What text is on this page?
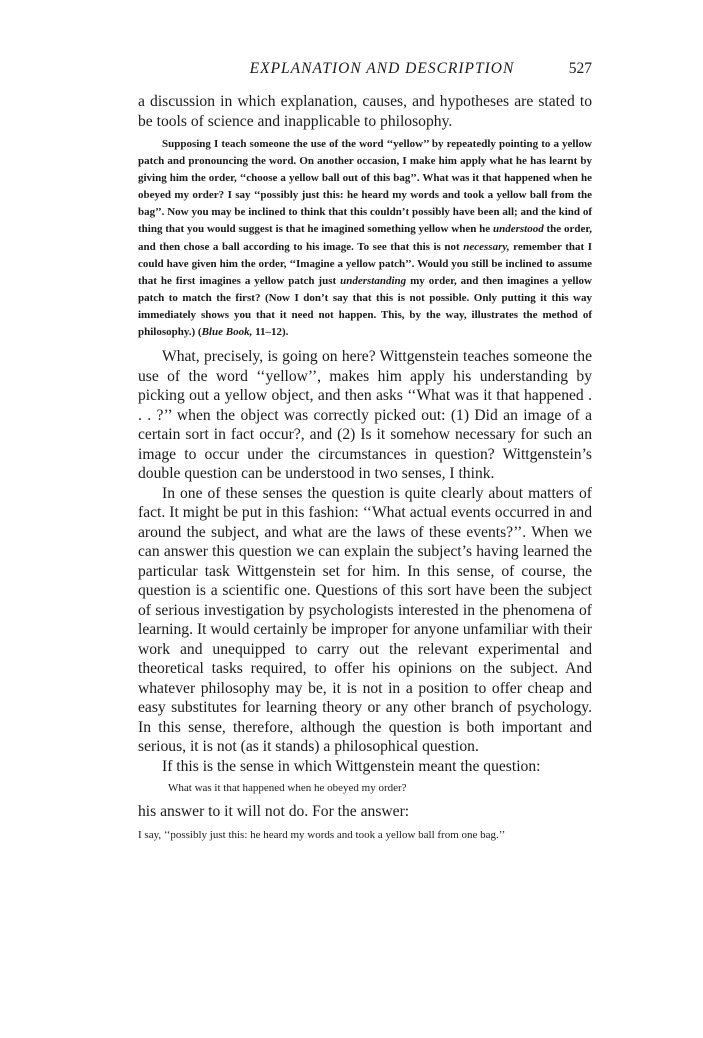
EXPLANATION AND DESCRIPTION	527

a discussion in which explanation, causes, and hypotheses are stated to be tools of science and inapplicable to philosophy.

Supposing I teach someone the use of the word ‘‘yellow’’ by repeatedly pointing to a yellow patch and pronouncing the word. On another occasion, I make him apply what he has learnt by giving him the order, ‘‘choose a yellow ball out of this bag’’. What was it that happened when he obeyed my order? I say ‘‘possibly just this: he heard my words and took a yellow ball from the bag’’. Now you may be inclined to think that this couldn’t possibly have been all; and the kind of thing that you would suggest is that he imagined something yellow when he understood the order, and then chose a ball according to his image. To see that this is not necessary, remember that I could have given him the order, ‘‘Imagine a yellow patch’’. Would you still be inclined to assume that he first imagines a yellow patch just understanding my order, and then imagines a yellow patch to match the first? (Now I don’t say that this is not possible. Only putting it this way immediately shows you that it need not happen. This, by the way, illustrates the method of philosophy.) (Blue Book, 11–12).

What, precisely, is going on here? Wittgenstein teaches someone the use of the word ‘‘yellow’’, makes him apply his understanding by picking out a yellow object, and then asks ‘‘What was it that happened . . . ?’’ when the object was correctly picked out: (1) Did an image of a certain sort in fact occur?, and (2) Is it somehow necessary for such an image to occur under the circumstances in question? Wittgenstein’s double question can be understood in two senses, I think.

In one of these senses the question is quite clearly about matters of fact. It might be put in this fashion: ‘‘What actual events occurred in and around the subject, and what are the laws of these events?’’. When we can answer this question we can explain the subject’s having learned the particular task Wittgenstein set for him. In this sense, of course, the question is a scientific one. Questions of this sort have been the subject of serious investigation by psychologists interested in the phenomena of learning. It would certainly be improper for anyone unfamiliar with their work and unequipped to carry out the relevant experimental and theoretical tasks required, to offer his opinions on the subject. And whatever philosophy may be, it is not in a position to offer cheap and easy substitutes for learning theory or any other branch of psychology. In this sense, therefore, although the question is both important and serious, it is not (as it stands) a philosophical question.

If this is the sense in which Wittgenstein meant the question:

What was it that happened when he obeyed my order?

his answer to it will not do. For the answer:

I say, ‘‘possibly just this: he heard my words and took a yellow ball from one bag.’’
